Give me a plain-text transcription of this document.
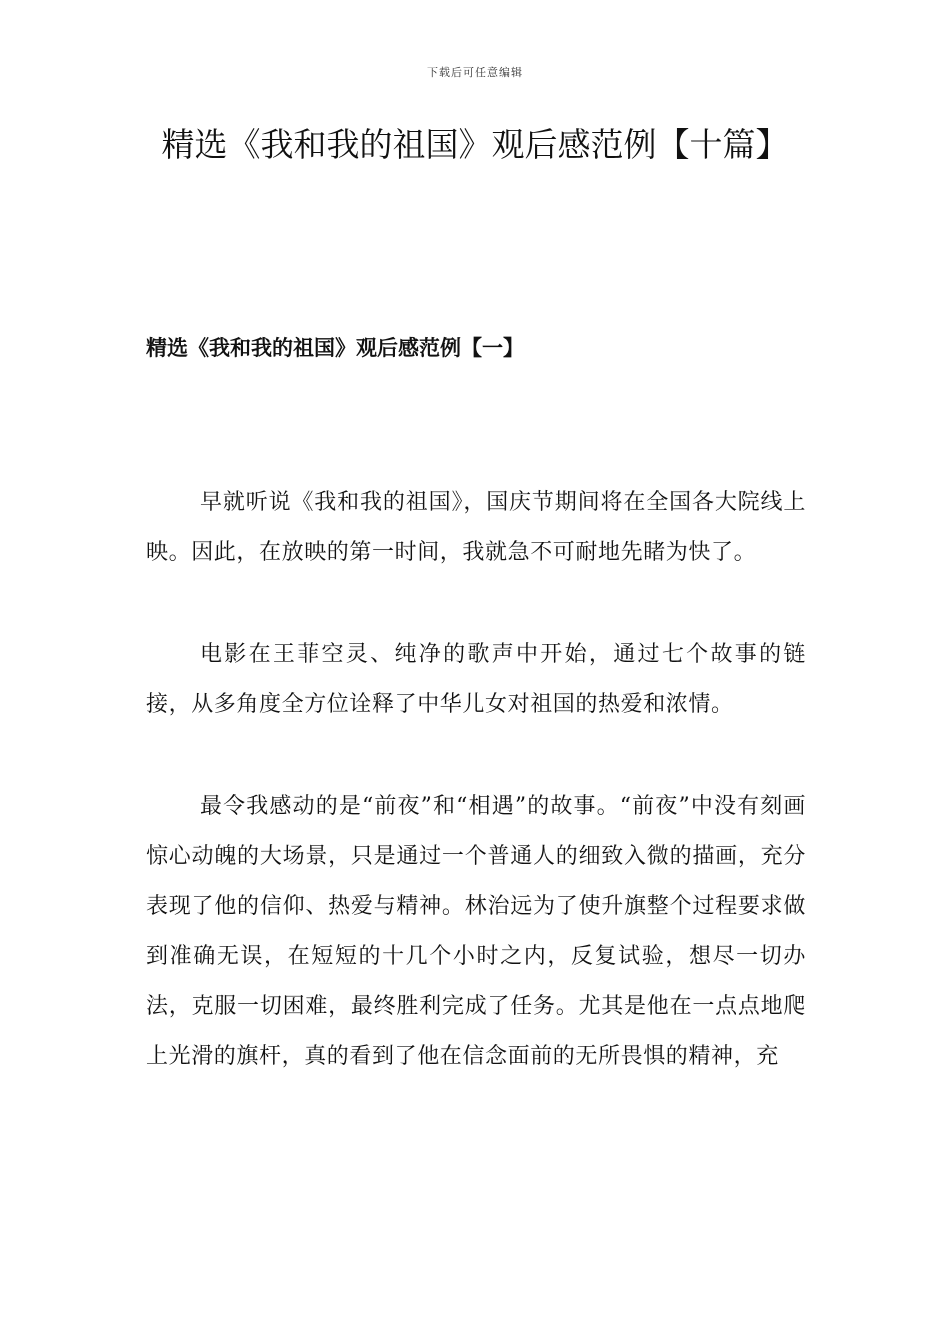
下载后可任意编辑
精选《我和我的祖国》观后感范例【十篇】
精选《我和我的祖国》观后感范例【一】

早就听说《我和我的祖国》，国庆节期间将在全国各大院线上映。因此，在放映的第一时间，我就急不可耐地先睹为快了。

电影在王菲空灵、纯净的歌声中开始，通过七个故事的链接，从多角度全方位诠释了中华儿女对祖国的热爱和浓情。

最令我感动的是“前夜”和“相遇”的故事。“前夜”中没有刻画惊心动魄的大场景，只是通过一个普通人的细致入微的描画，充分表现了他的信仰、热爱与精神。林治远为了使升旗整个过程要求做到准确无误，在短短的十几个小时之内，反复试验，想尽一切办法，克服一切困难，最终胜利完成了任务。尤其是他在一点点地爬上光滑的旗杆，真的看到了他在信念面前的无所畏惧的精神，充
